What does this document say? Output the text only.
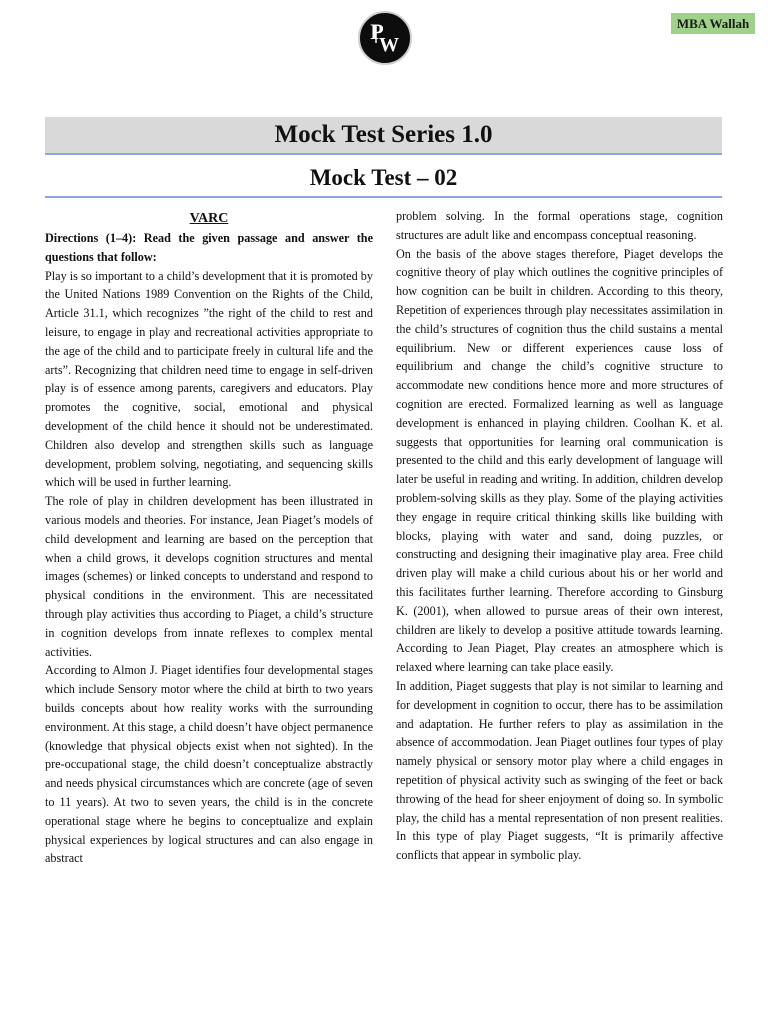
P
W
MBA Wallah
Mock Test Series 1.0
Mock Test – 02

VARC

Directions (1–4): Read the given passage and answer the questions that follow:

Play is so important to a child’s development that it is promoted by the United Nations 1989 Convention on the Rights of the Child, Article 31.1, which recognizes ”the right of the child to rest and leisure, to engage in play and recreational activities appropriate to the age of the child and to participate freely in cultural life and the arts”. Recognizing that children need time to engage in self-driven play is of essence among parents, caregivers and educators. Play promotes the cognitive, social, emotional and physical development of the child hence it should not be underestimated. Children also develop and strengthen skills such as language development, problem solving, negotiating, and sequencing skills which will be used in further learning.

The role of play in children development has been illustrated in various models and theories. For instance, Jean Piaget’s models of child development and learning are based on the perception that when a child grows, it develops cognition structures and mental images (schemes) or linked concepts to understand and respond to physical conditions in the environment. This are necessitated through play activities thus according to Piaget, a child’s structure in cognition develops from innate reflexes to complex mental activities.

According to Almon J. Piaget identifies four developmental stages which include Sensory motor where the child at birth to two years builds concepts about how reality works with the surrounding environment. At this stage, a child doesn’t have object permanence (knowledge that physical objects exist when not sighted). In the pre-occupational stage, the child doesn’t conceptualize abstractly and needs physical circumstances which are concrete (age of seven to 11 years). At two to seven years, the child is in the concrete operational stage where he begins to conceptualize and explain physical experiences by logical structures and can also engage in abstract

problem solving. In the formal operations stage, cognition structures are adult like and encompass conceptual reasoning.

On the basis of the above stages therefore, Piaget develops the cognitive theory of play which outlines the cognitive principles of how cognition can be built in children. According to this theory, Repetition of experiences through play necessitates assimilation in the child’s structures of cognition thus the child sustains a mental equilibrium. New or different experiences cause loss of equilibrium and change the child’s cognitive structure to accommodate new conditions hence more and more structures of cognition are erected. Formalized learning as well as language development is enhanced in playing children. Coolhan K. et al. suggests that opportunities for learning oral communication is presented to the child and this early development of language will later be useful in reading and writing. In addition, children develop problem-solving skills as they play. Some of the playing activities they engage in require critical thinking skills like building with blocks, playing with water and sand, doing puzzles, or constructing and designing their imaginative play area. Free child driven play will make a child curious about his or her world and this facilitates further learning. Therefore according to Ginsburg K. (2001), when allowed to pursue areas of their own interest, children are likely to develop a positive attitude towards learning. According to Jean Piaget, Play creates an atmosphere which is relaxed where learning can take place easily.

In addition, Piaget suggests that play is not similar to learning and for development in cognition to occur, there has to be assimilation and adaptation. He further refers to play as assimilation in the absence of accommodation. Jean Piaget outlines four types of play namely physical or sensory motor play where a child engages in repetition of physical activity such as swinging of the feet or back throwing of the head for sheer enjoyment of doing so. In symbolic play, the child has a mental representation of non present realities. In this type of play Piaget suggests, “It is primarily affective conflicts that appear in symbolic play.
